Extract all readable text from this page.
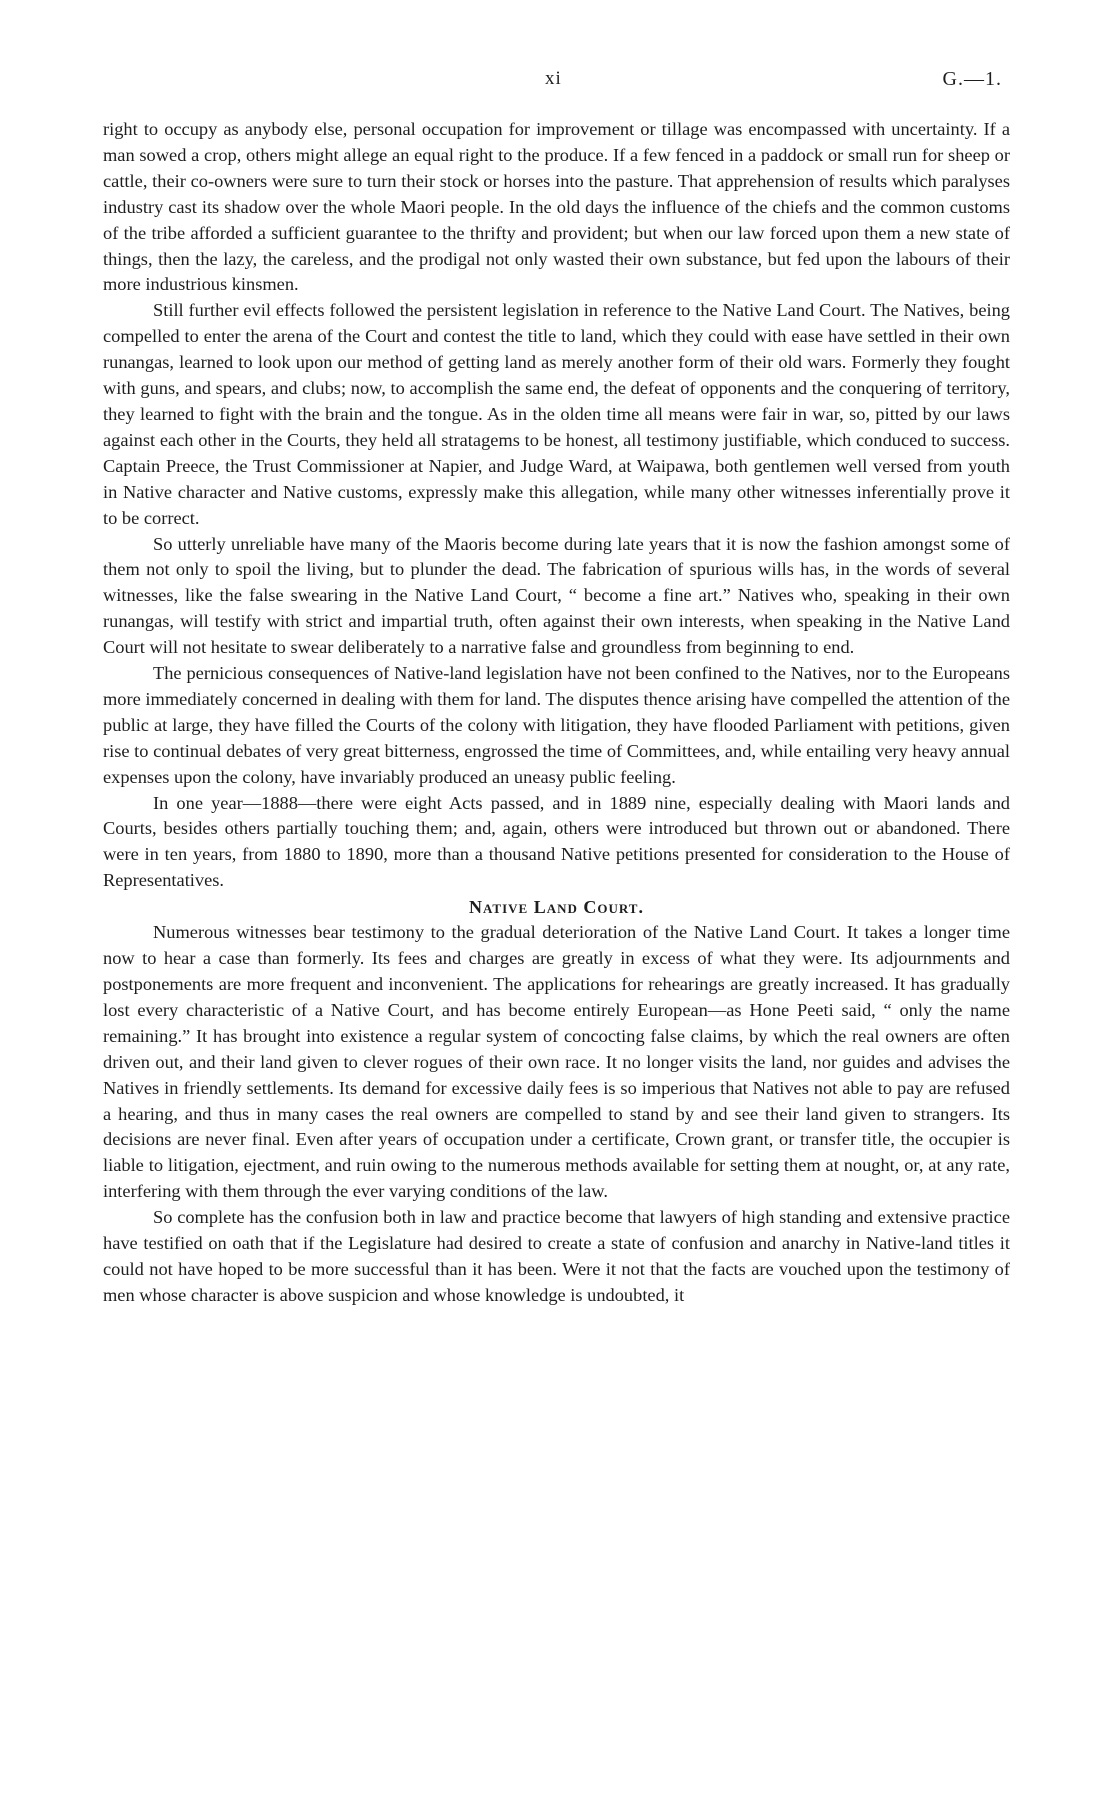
xi	G.—1.

right to occupy as anybody else, personal occupation for improvement or tillage was encompassed with uncertainty. If a man sowed a crop, others might allege an equal right to the produce. If a few fenced in a paddock or small run for sheep or cattle, their co-owners were sure to turn their stock or horses into the pasture. That apprehension of results which paralyses industry cast its shadow over the whole Maori people. In the old days the influence of the chiefs and the common customs of the tribe afforded a sufficient guarantee to the thrifty and provident; but when our law forced upon them a new state of things, then the lazy, the careless, and the prodigal not only wasted their own substance, but fed upon the labours of their more industrious kinsmen.

Still further evil effects followed the persistent legislation in reference to the Native Land Court. The Natives, being compelled to enter the arena of the Court and contest the title to land, which they could with ease have settled in their own runangas, learned to look upon our method of getting land as merely another form of their old wars. Formerly they fought with guns, and spears, and clubs; now, to accomplish the same end, the defeat of opponents and the conquering of territory, they learned to fight with the brain and the tongue. As in the olden time all means were fair in war, so, pitted by our laws against each other in the Courts, they held all stratagems to be honest, all testimony justifiable, which conduced to success. Captain Preece, the Trust Commissioner at Napier, and Judge Ward, at Waipawa, both gentlemen well versed from youth in Native character and Native customs, expressly make this allegation, while many other witnesses inferentially prove it to be correct.

So utterly unreliable have many of the Maoris become during late years that it is now the fashion amongst some of them not only to spoil the living, but to plunder the dead. The fabrication of spurious wills has, in the words of several witnesses, like the false swearing in the Native Land Court, “ become a fine art.” Natives who, speaking in their own runangas, will testify with strict and impartial truth, often against their own interests, when speaking in the Native Land Court will not hesitate to swear deliberately to a narrative false and groundless from beginning to end.

The pernicious consequences of Native-land legislation have not been confined to the Natives, nor to the Europeans more immediately concerned in dealing with them for land. The disputes thence arising have compelled the attention of the public at large, they have filled the Courts of the colony with litigation, they have flooded Parliament with petitions, given rise to continual debates of very great bitterness, engrossed the time of Committees, and, while entailing very heavy annual expenses upon the colony, have invariably produced an uneasy public feeling.

In one year—1888—there were eight Acts passed, and in 1889 nine, especially dealing with Maori lands and Courts, besides others partially touching them; and, again, others were introduced but thrown out or abandoned. There were in ten years, from 1880 to 1890, more than a thousand Native petitions presented for consideration to the House of Representatives.

Native Land Court.

Numerous witnesses bear testimony to the gradual deterioration of the Native Land Court. It takes a longer time now to hear a case than formerly. Its fees and charges are greatly in excess of what they were. Its adjournments and postponements are more frequent and inconvenient. The applications for rehearings are greatly increased. It has gradually lost every characteristic of a Native Court, and has become entirely European—as Hone Peeti said, “ only the name remaining.” It has brought into existence a regular system of concocting false claims, by which the real owners are often driven out, and their land given to clever rogues of their own race. It no longer visits the land, nor guides and advises the Natives in friendly settlements. Its demand for excessive daily fees is so imperious that Natives not able to pay are refused a hearing, and thus in many cases the real owners are compelled to stand by and see their land given to strangers. Its decisions are never final. Even after years of occupation under a certificate, Crown grant, or transfer title, the occupier is liable to litigation, ejectment, and ruin owing to the numerous methods available for setting them at nought, or, at any rate, interfering with them through the ever varying conditions of the law.

So complete has the confusion both in law and practice become that lawyers of high standing and extensive practice have testified on oath that if the Legislature had desired to create a state of confusion and anarchy in Native-land titles it could not have hoped to be more successful than it has been. Were it not that the facts are vouched upon the testimony of men whose character is above suspicion and whose knowledge is undoubted, it
